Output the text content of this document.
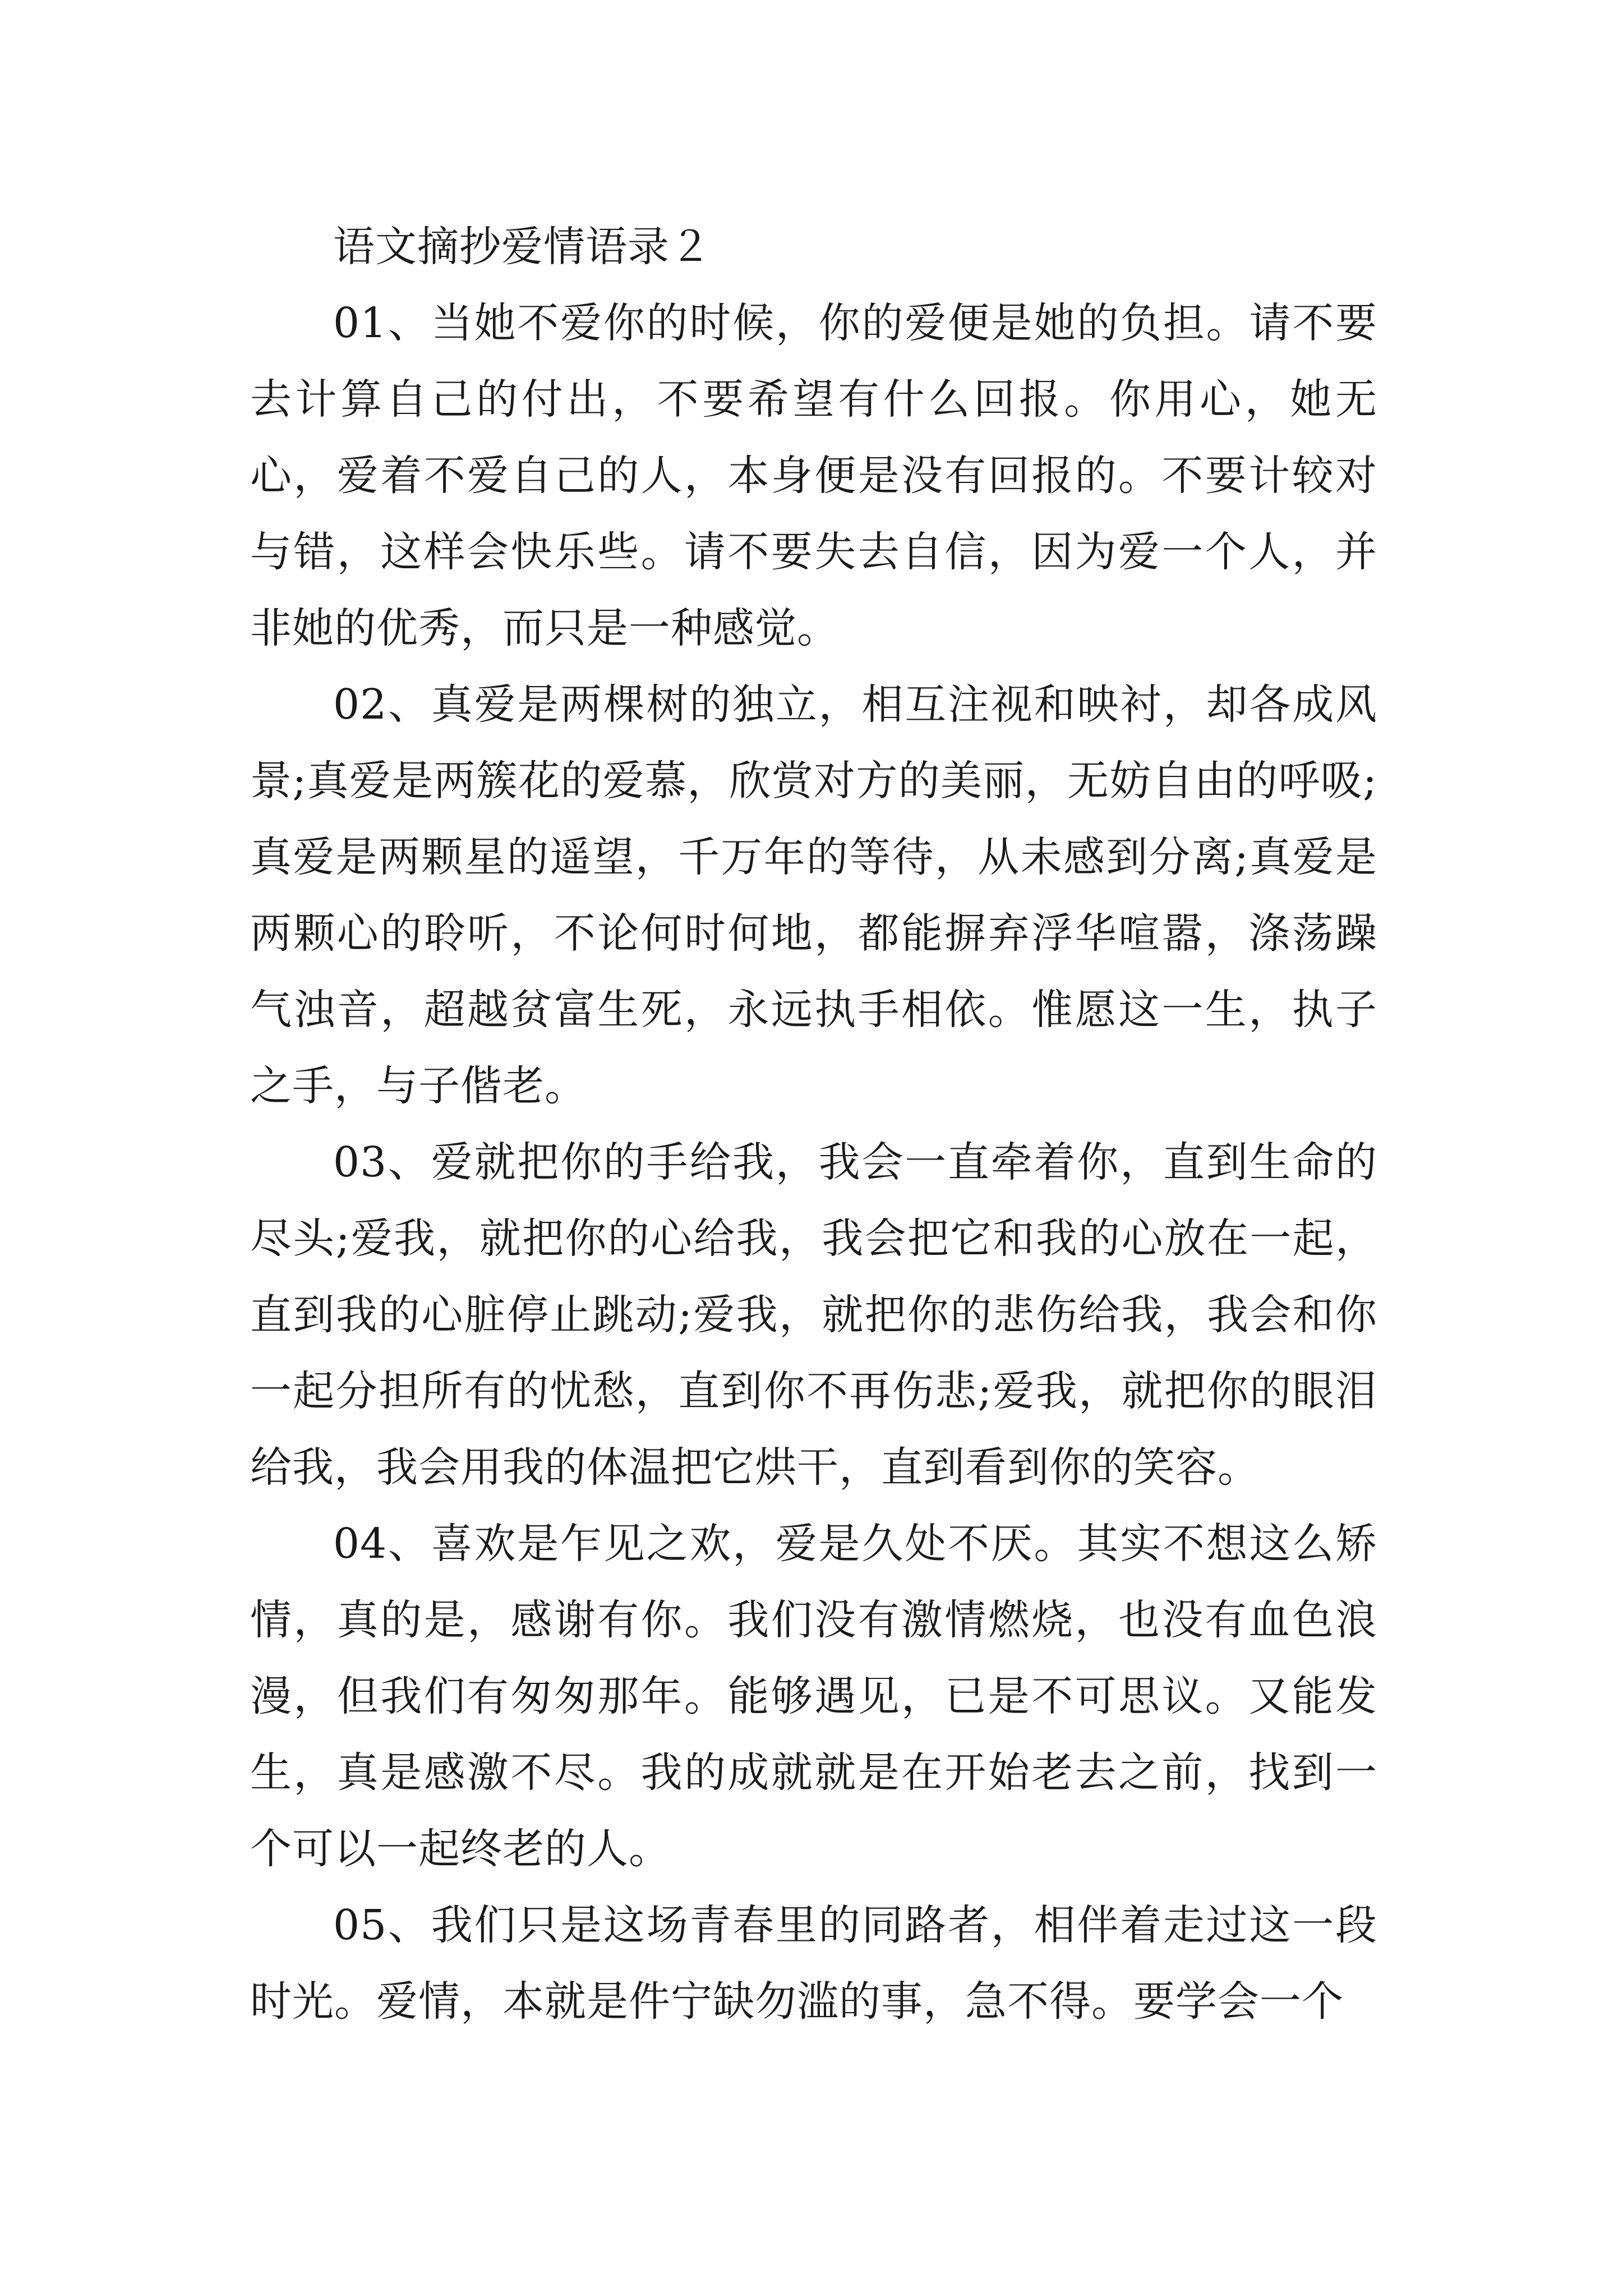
语文摘抄爱情语录２

01、当她不爱你的时候，你的爱便是她的负担。请不要去计算自己的付出，不要希望有什么回报。你用心，她无心，爱着不爱自己的人，本身便是没有回报的。不要计较对与错，这样会快乐些。请不要失去自信，因为爱一个人，并非她的优秀，而只是一种感觉。

02、真爱是两棵树的独立，相互注视和映衬，却各成风景;真爱是两簇花的爱慕，欣赏对方的美丽，无妨自由的呼吸;真爱是两颗星的遥望，千万年的等待，从未感到分离;真爱是两颗心的聆听，不论何时何地，都能摒弃浮华喧嚣，涤荡躁气浊音，超越贫富生死，永远执手相依。惟愿这一生，执子之手，与子偕老。

03、爱就把你的手给我，我会一直牵着你，直到生命的尽头;爱我，就把你的心给我，我会把它和我的心放在一起，直到我的心脏停止跳动;爱我，就把你的悲伤给我，我会和你一起分担所有的忧愁，直到你不再伤悲;爱我，就把你的眼泪给我，我会用我的体温把它烘干，直到看到你的笑容。

04、喜欢是乍见之欢，爱是久处不厌。其实不想这么矫情，真的是，感谢有你。我们没有激情燃烧，也没有血色浪漫，但我们有匆匆那年。能够遇见，已是不可思议。又能发生，真是感激不尽。我的成就就是在开始老去之前，找到一个可以一起终老的人。

05、我们只是这场青春里的同路者，相伴着走过这一段时光。爱情，本就是件宁缺勿滥的事，急不得。要学会一个
